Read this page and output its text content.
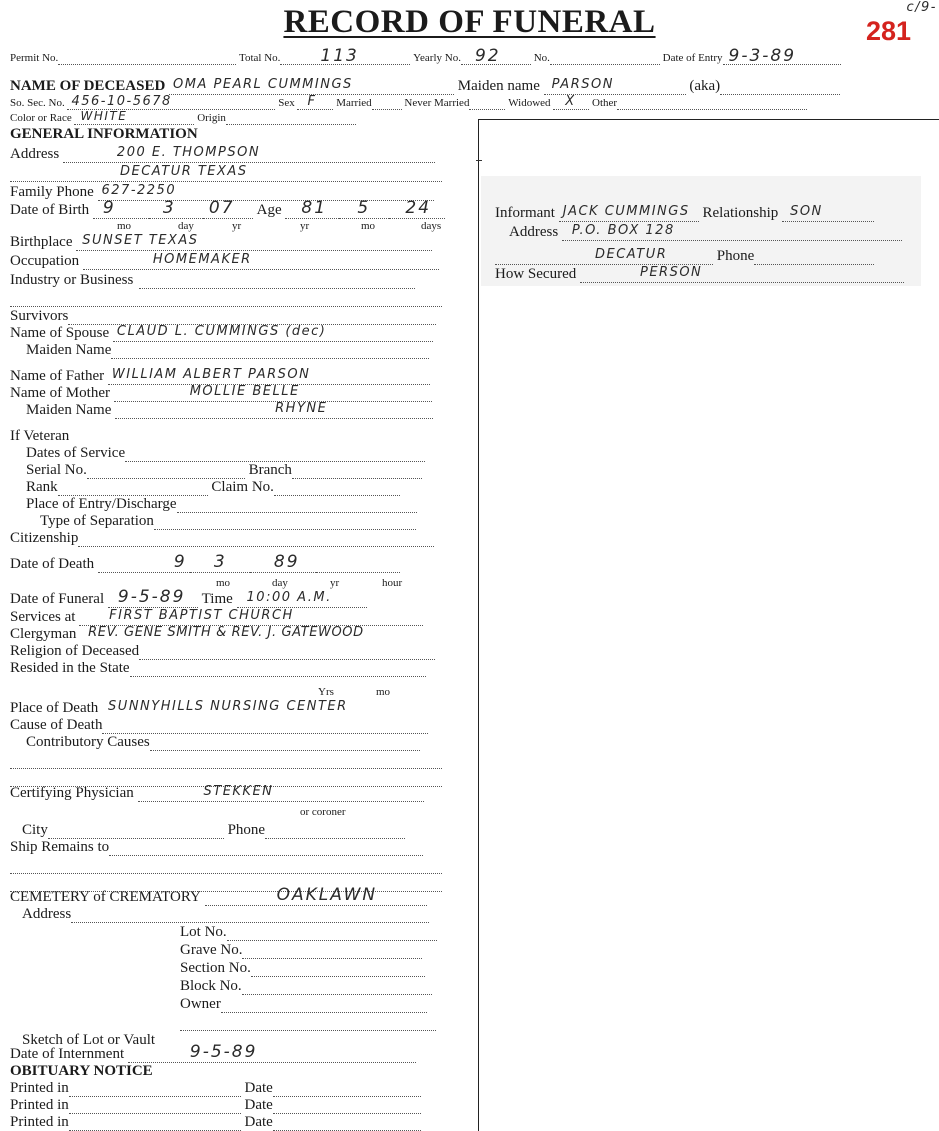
RECORD OF FUNERAL	c/9-
281
Permit No.	Total No. 113	Yearly No. 92	No.	Date of Entry 9-3-89
NAME OF DECEASED OMA PEARL CUMMINGS	Maiden name PARSON	(aka)
So. Sec. No. 456-10-5678	Sex F Married	Never Married	Widowed X Other
Color or Race WHITE	Origin
GENERAL INFORMATION
Address	200 E. THOMPSON
DECATUR TEXAS
Family Phone 627-2250
Date of Birth 9	3 07 Age 81 5 24
mo	day	yr	yr	mo	days
Birthplace SUNSET TEXAS
Occupation	HOMEMAKER
Industry or Business
Survivors
Name of Spouse CLAUD L. CUMMINGS (dec)
Maiden Name
Name of Father WILLIAM ALBERT PARSON
Name of Mother	MOLLIE BELLE
Maiden Name	RHYNE
If Veteran
Dates of Service
Serial No.	Branch
Rank	Claim No.
Place of Entry/Discharge
Type of Separation
Citizenship
Date of Death	9 3	89
mo	day	yr	hour
Date of Funeral 9-5-89 Time 10:00 A.M.
Services at	FIRST BAPTIST CHURCH
Clergyman REV. GENE SMITH & REV. J. GATEWOOD
Religion of Deceased
Resided in the State
Yrs	mo
Place of Death SUNNYHILLS NURSING CENTER
Cause of Death
Contributory Causes
Certifying Physician	STEKKEN
or coroner
City	Phone
Ship Remains to
CEMETERY of CREMATORY	OAKLAWN
Address
Lot No.
Grave No.
Section No.
Block No.
Owner
Sketch of Lot or Vault
Date of Internment	9-5-89
OBITUARY NOTICE
Printed in	Date
Printed in	Date
Printed in	Date
Informant JACK CUMMINGS Relationship SON
Address P.O. BOX 128
DECATUR	Phone
How Secured	PERSON
